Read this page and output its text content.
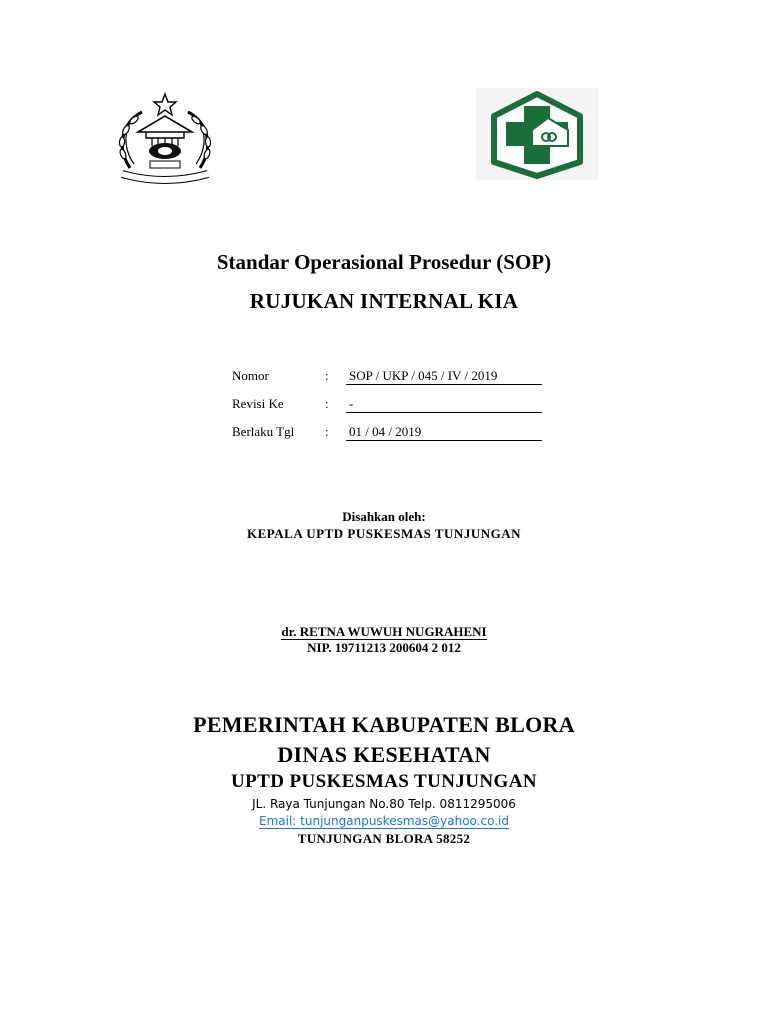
Standar Operasional Prosedur (SOP)
RUJUKAN INTERNAL KIA
Nomor	: SOP / UKP / 045 / IV / 2019
Revisi Ke	: -
Berlaku Tgl : 01 / 04 / 2019
Disahkan oleh:
KEPALA UPTD PUSKESMAS TUNJUNGAN
dr. RETNA WUWUH NUGRAHENI
NIP. 19711213 200604 2 012
PEMERINTAH KABUPATEN BLORA
DINAS KESEHATAN
UPTD PUSKESMAS TUNJUNGAN
JL. Raya Tunjungan No.80 Telp. 0811295006
Email: tunjunganpuskesmas@yahoo.co.id
TUNJUNGAN BLORA 58252
